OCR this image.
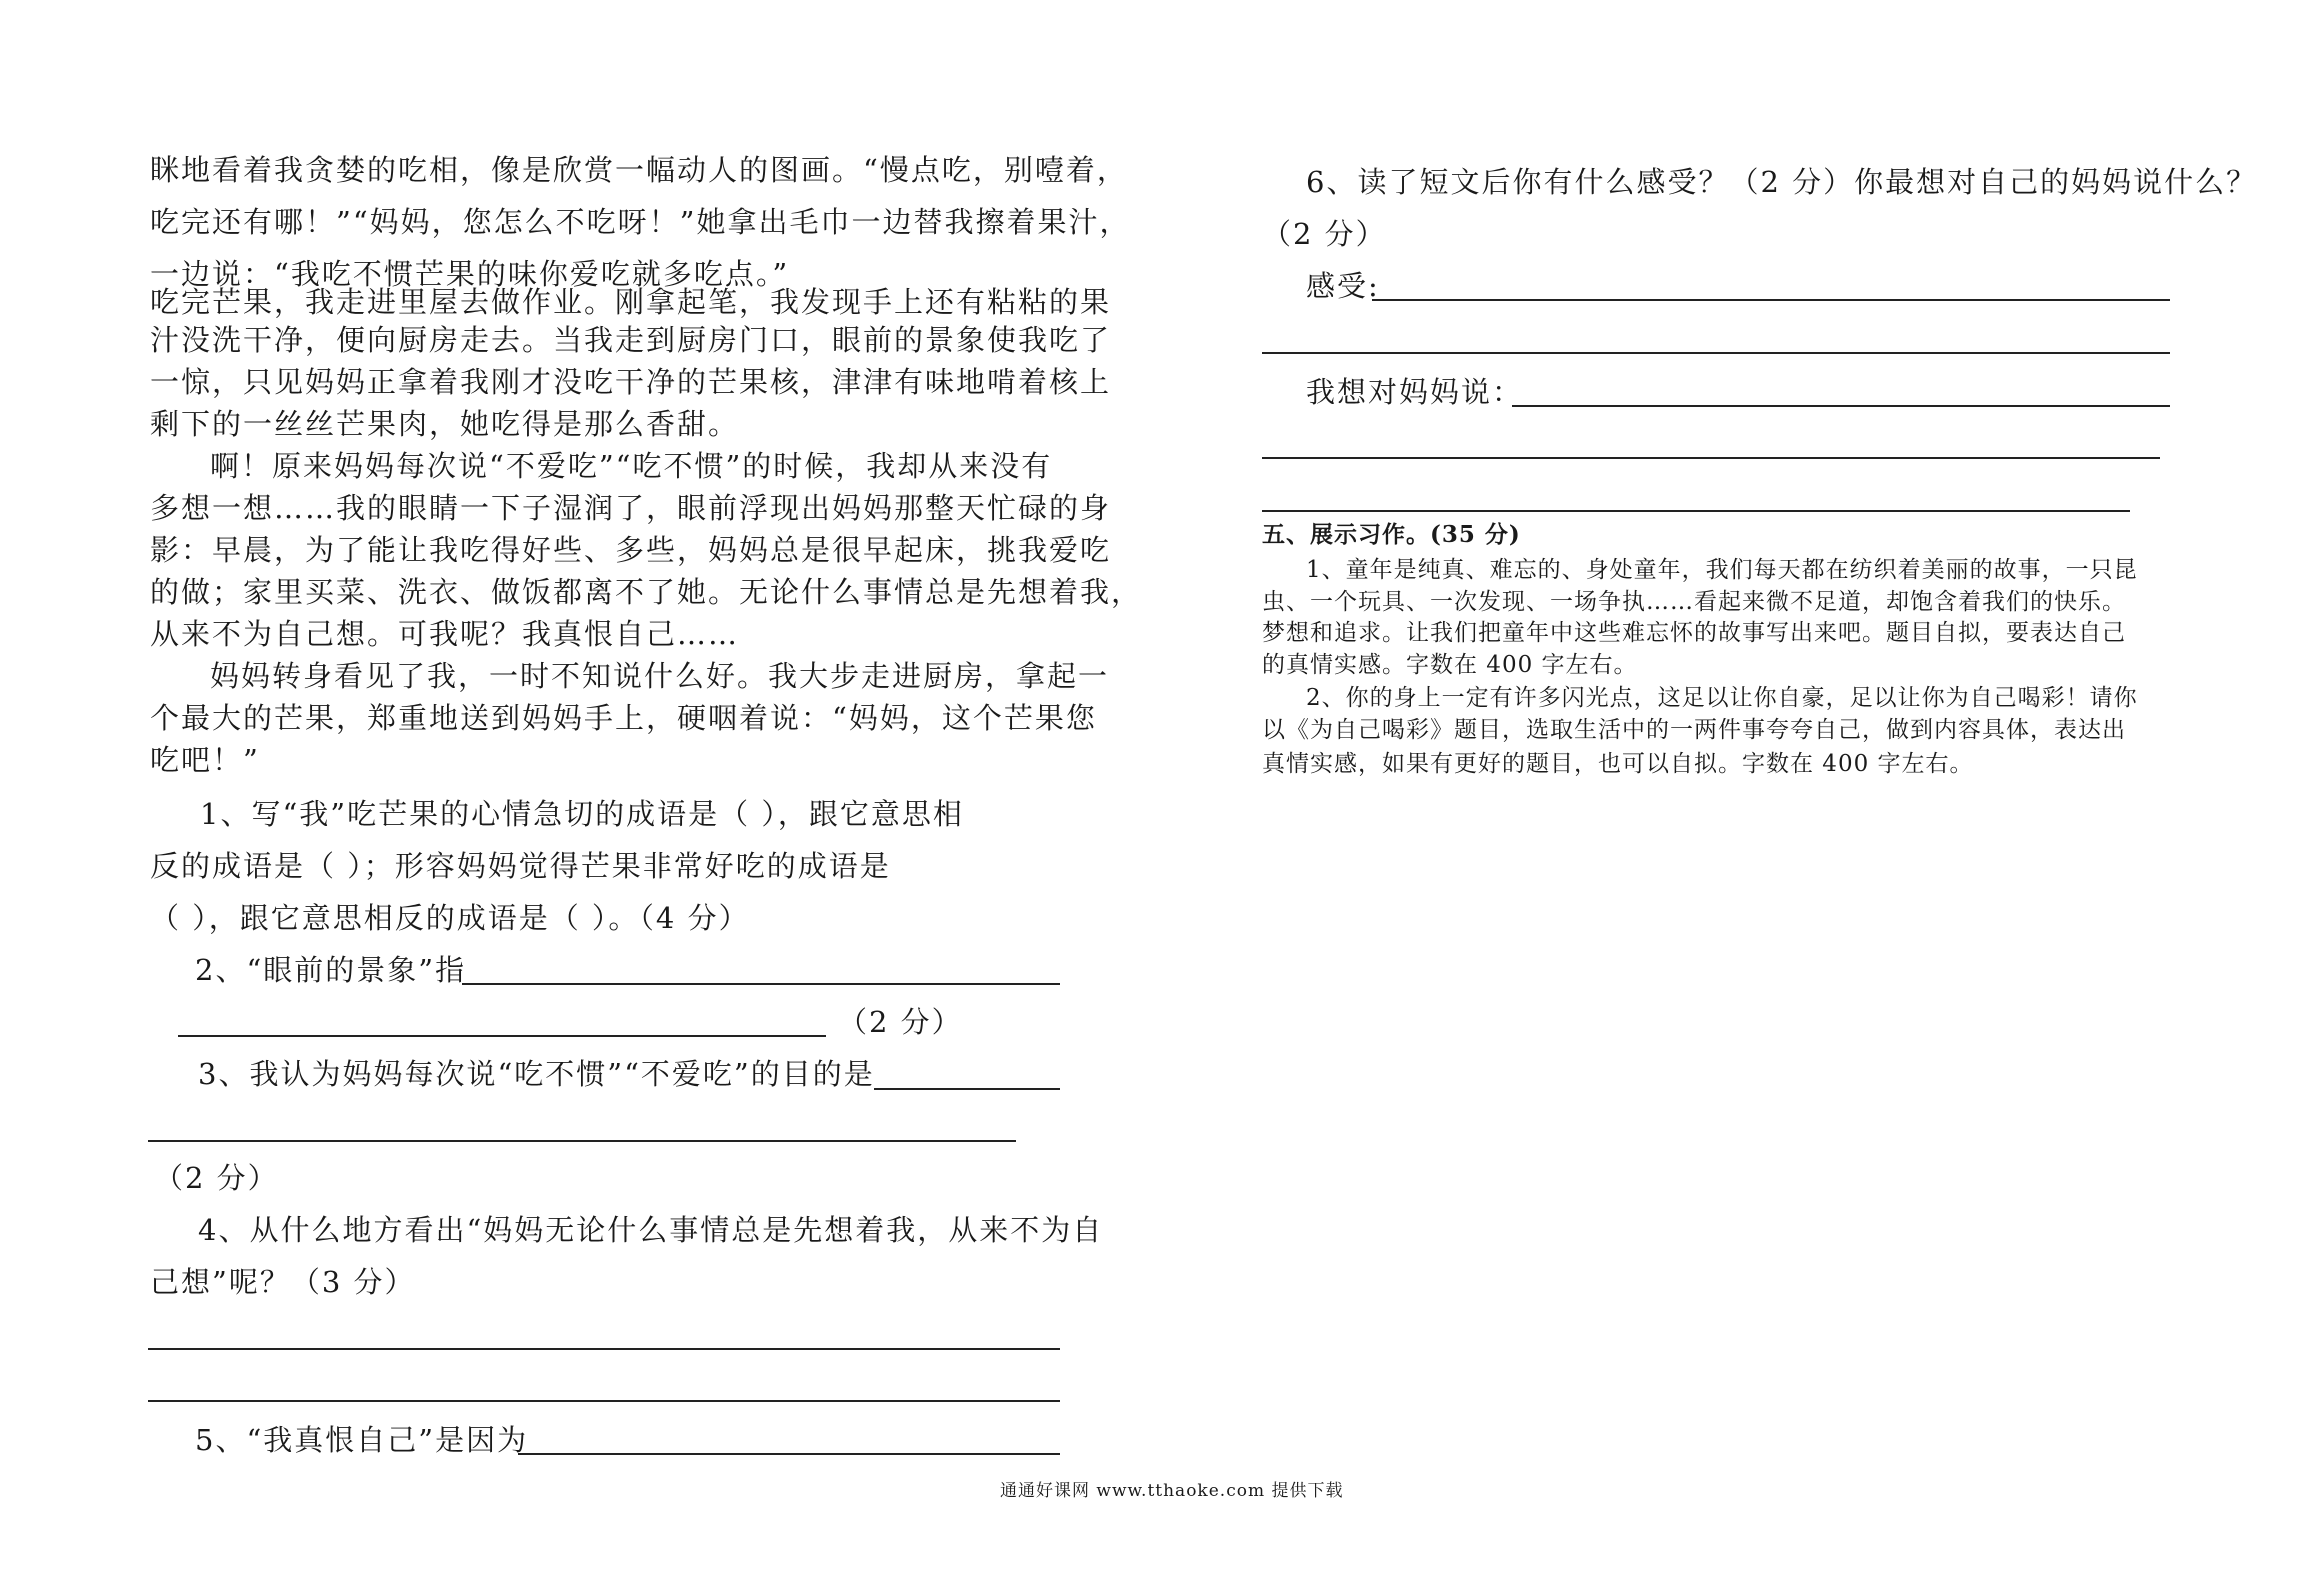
眯地看着我贪婪的吃相，像是欣赏一幅动人的图画。“慢点吃，别噎着，
吃完还有哪！”“妈妈，您怎么不吃呀！”她拿出毛巾一边替我擦着果汁，
一边说：“我吃不惯芒果的味你爱吃就多吃点。”
吃完芒果，我走进里屋去做作业。刚拿起笔，我发现手上还有粘粘的果
汁没洗干净，便向厨房走去。当我走到厨房门口，眼前的景象使我吃了
一惊，只见妈妈正拿着我刚才没吃干净的芒果核，津津有味地啃着核上
剩下的一丝丝芒果肉，她吃得是那么香甜。
啊！原来妈妈每次说“不爱吃”“吃不惯”的时候，我却从来没有
多想一想……我的眼睛一下子湿润了，眼前浮现出妈妈那整天忙碌的身
影：早晨，为了能让我吃得好些、多些，妈妈总是很早起床，挑我爱吃
的做；家里买菜、洗衣、做饭都离不了她。无论什么事情总是先想着我，
从来不为自己想。可我呢？我真恨自己……
妈妈转身看见了我，一时不知说什么好。我大步走进厨房，拿起一
个最大的芒果，郑重地送到妈妈手上，硬咽着说：“妈妈，这个芒果您
吃吧！”
1、写“我”吃芒果的心情急切的成语是（ ），跟它意思相
反的成语是（ ）；形容妈妈觉得芒果非常好吃的成语是
（ ），跟它意思相反的成语是（ ）。（4 分）
2、“眼前的景象”指
（2 分）
3、我认为妈妈每次说“吃不惯”“不爱吃”的目的是
（2 分）
4、从什么地方看出“妈妈无论什么事情总是先想着我，从来不为自
己想”呢？（3 分）
5、“我真恨自己”是因为
6、读了短文后你有什么感受？（2 分）你最想对自己的妈妈说什么？
（2 分）
感受:
我想对妈妈说：
五、展示习作。(35 分)
1、童年是纯真、难忘的、身处童年，我们每天都在纺织着美丽的故事，一只昆
虫、一个玩具、一次发现、一场争执……看起来微不足道，却饱含着我们的快乐。
梦想和追求。让我们把童年中这些难忘怀的故事写出来吧。题目自拟，要表达自己
的真情实感。字数在 400 字左右。
2、你的身上一定有许多闪光点，这足以让你自豪，足以让你为自己喝彩！请你
以《为自己喝彩》题目，选取生活中的一两件事夸夸自己，做到内容具体，表达出
真情实感，如果有更好的题目，也可以自拟。字数在 400 字左右。
通通好课网 www.tthaoke.com 提供下载
